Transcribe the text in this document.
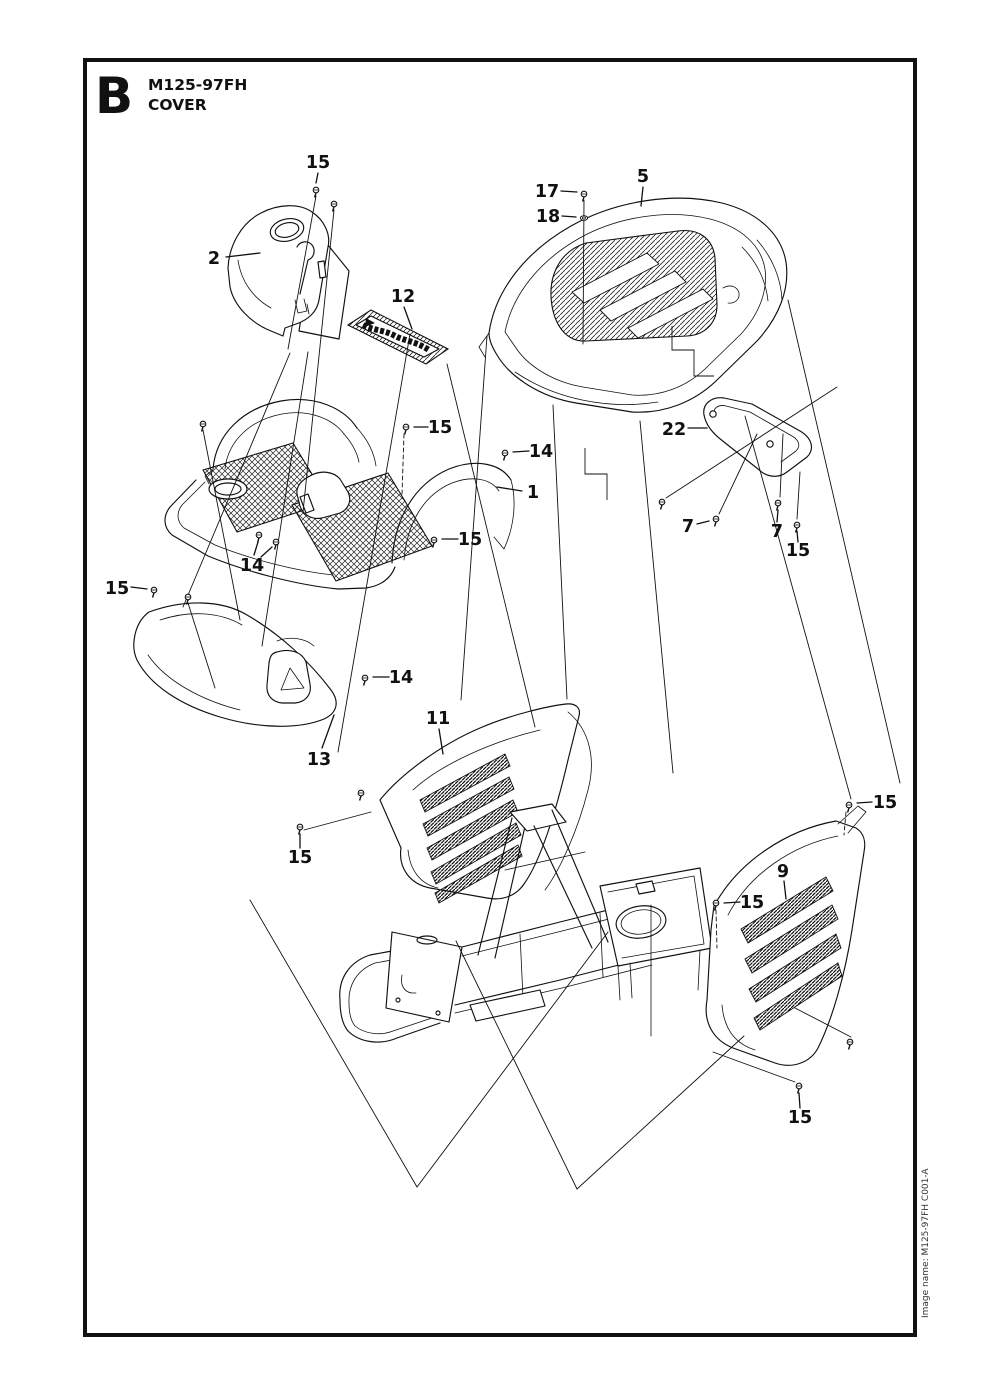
B M125-97FH
COVER
Image name: M125-97FH C001-A
15
2
12
17
18
5
22
15
14
1
15
14
15
14
13
11
15
15
9
15
15
7	7
15
